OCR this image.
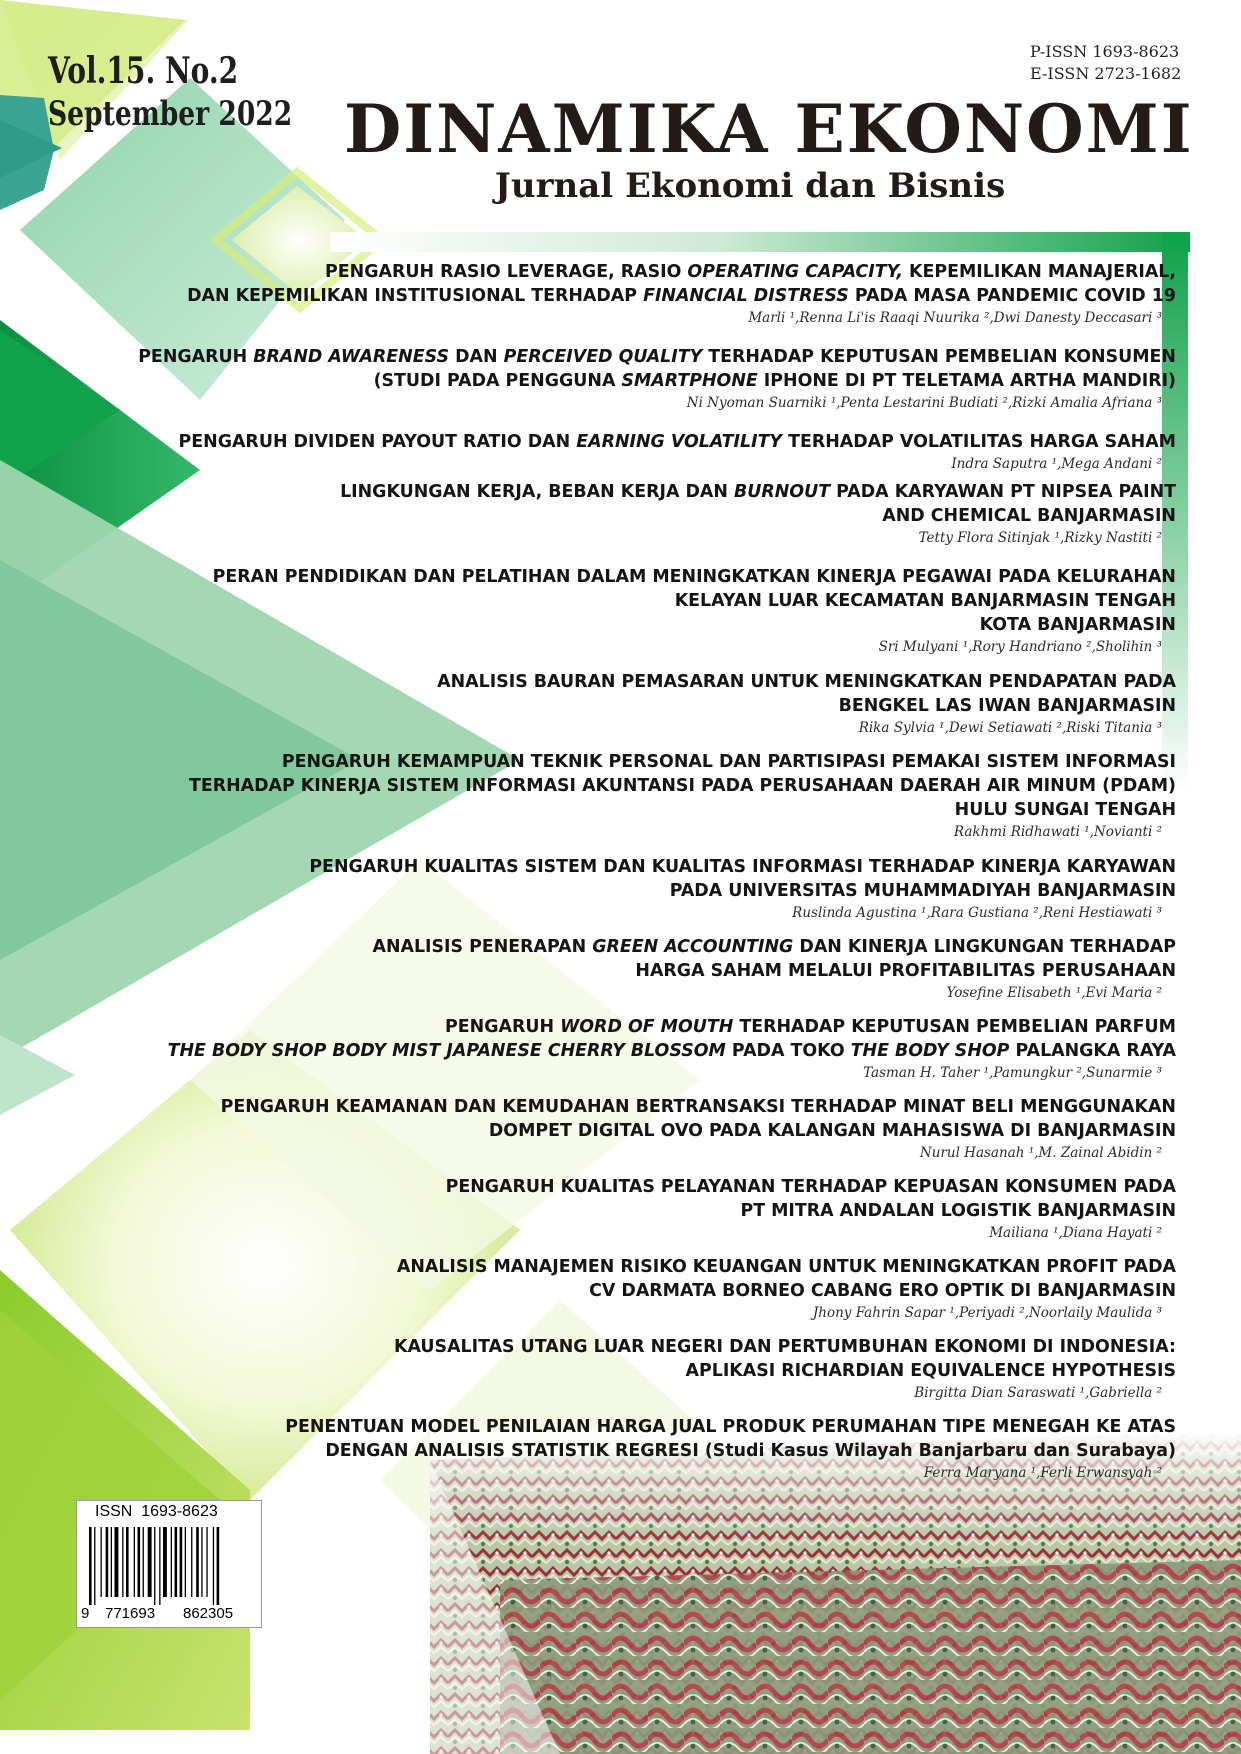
Vol.15. No.2
September 2022
P-ISSN 1693-8623
E-ISSN 2723-1682
DINAMIKA EKONOMI
Jurnal Ekonomi dan Bisnis
PENGARUH RASIO LEVERAGE, RASIO OPERATING CAPACITY, KEPEMILIKAN MANAJERIAL,
DAN KEPEMILIKAN INSTITUSIONAL TERHADAP FINANCIAL DISTRESS PADA MASA PANDEMIC COVID 19
Marli ¹,Renna Li'is Raaqi Nuurika ²,Dwi Danesty Deccasari ³
PENGARUH BRAND AWARENESS DAN PERCEIVED QUALITY TERHADAP KEPUTUSAN PEMBELIAN KONSUMEN
(STUDI PADA PENGGUNA SMARTPHONE IPHONE DI PT TELETAMA ARTHA MANDIRI)
Ni Nyoman Suarniki ¹,Penta Lestarini Budiati ²,Rizki Amalia Afriana ³
PENGARUH DIVIDEN PAYOUT RATIO DAN EARNING VOLATILITY TERHADAP VOLATILITAS HARGA SAHAM
Indra Saputra ¹,Mega Andani ²
LINGKUNGAN KERJA, BEBAN KERJA DAN BURNOUT PADA KARYAWAN PT NIPSEA PAINT
AND CHEMICAL BANJARMASIN
Tetty Flora Sitinjak ¹,Rizky Nastiti ²
PERAN PENDIDIKAN DAN PELATIHAN DALAM MENINGKATKAN KINERJA PEGAWAI PADA KELURAHAN
KELAYAN LUAR KECAMATAN BANJARMASIN TENGAH
KOTA BANJARMASIN
Sri Mulyani ¹,Rory Handriano ²,Sholihin ³
ANALISIS BAURAN PEMASARAN UNTUK MENINGKATKAN PENDAPATAN PADA
BENGKEL LAS IWAN BANJARMASIN
Rika Sylvia ¹,Dewi Setiawati ²,Riski Titania ³
PENGARUH KEMAMPUAN TEKNIK PERSONAL DAN PARTISIPASI PEMAKAI SISTEM INFORMASI
TERHADAP KINERJA SISTEM INFORMASI AKUNTANSI PADA PERUSAHAAN DAERAH AIR MINUM (PDAM)
HULU SUNGAI TENGAH
Rakhmi Ridhawati ¹,Novianti ²
PENGARUH KUALITAS SISTEM DAN KUALITAS INFORMASI TERHADAP KINERJA KARYAWAN
PADA UNIVERSITAS MUHAMMADIYAH BANJARMASIN
Ruslinda Agustina ¹,Rara Gustiana ²,Reni Hestiawati ³
ANALISIS PENERAPAN GREEN ACCOUNTING DAN KINERJA LINGKUNGAN TERHADAP
HARGA SAHAM MELALUI PROFITABILITAS PERUSAHAAN
Yosefine Elisabeth ¹,Evi Maria ²
PENGARUH WORD OF MOUTH TERHADAP KEPUTUSAN PEMBELIAN PARFUM
THE BODY SHOP BODY MIST JAPANESE CHERRY BLOSSOM PADA TOKO THE BODY SHOP PALANGKA RAYA
Tasman H. Taher ¹,Pamungkur ²,Sunarmie ³
PENGARUH KEAMANAN DAN KEMUDAHAN BERTRANSAKSI TERHADAP MINAT BELI MENGGUNAKAN
DOMPET DIGITAL OVO PADA KALANGAN MAHASISWA DI BANJARMASIN
Nurul Hasanah ¹,M. Zainal Abidin ²
PENGARUH KUALITAS PELAYANAN TERHADAP KEPUASAN KONSUMEN PADA
PT MITRA ANDALAN LOGISTIK BANJARMASIN
Mailiana ¹,Diana Hayati ²
ANALISIS MANAJEMEN RISIKO KEUANGAN UNTUK MENINGKATKAN PROFIT PADA
CV DARMATA BORNEO CABANG ERO OPTIK DI BANJARMASIN
Jhony Fahrin Sapar ¹,Periyadi ²,Noorlaily Maulida ³
KAUSALITAS UTANG LUAR NEGERI DAN PERTUMBUHAN EKONOMI DI INDONESIA:
APLIKASI RICHARDIAN EQUIVALENCE HYPOTHESIS
Birgitta Dian Saraswati ¹,Gabriella ²
PENENTUAN MODEL PENILAIAN HARGA JUAL PRODUK PERUMAHAN TIPE MENEGAH KE ATAS
DENGAN ANALISIS STATISTIK REGRESI (Studi Kasus Wilayah Banjarbaru dan Surabaya)
Ferra Maryana ¹,Ferli Erwansyah ²
ISSN 1693-8623
9 771693 862305
